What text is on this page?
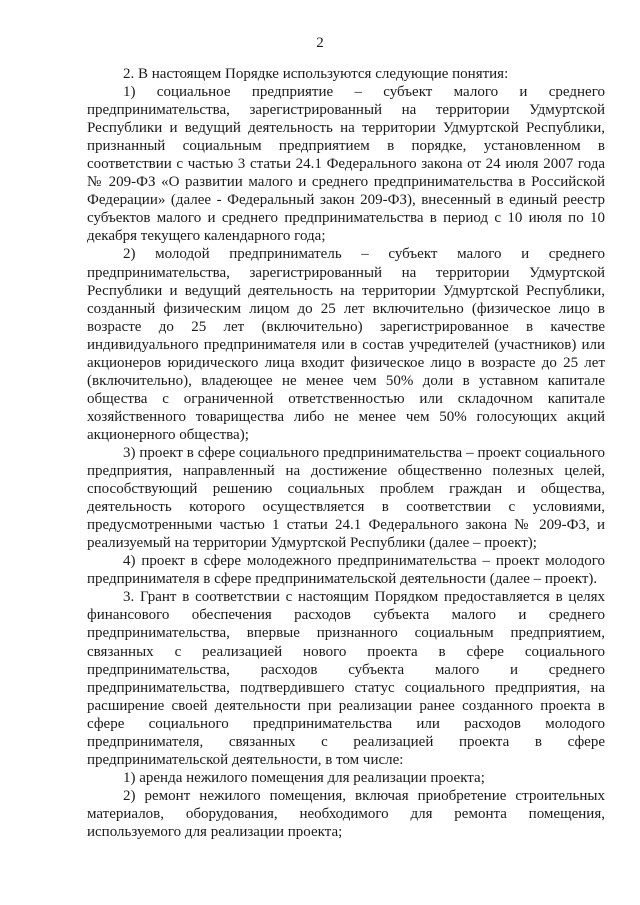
2

2. В настоящем Порядке используются следующие понятия:

1) социальное предприятие – субъект малого и среднего предпринимательства, зарегистрированный на территории Удмуртской Республики и ведущий деятельность на территории Удмуртской Республики, признанный социальным предприятием в порядке, установленном в соответствии с частью 3 статьи 24.1 Федерального закона от 24 июля 2007 года № 209-ФЗ «О развитии малого и среднего предпринимательства в Российской Федерации» (далее - Федеральный закон 209-ФЗ), внесенный в единый реестр субъектов малого и среднего предпринимательства в период с 10 июля по 10 декабря текущего календарного года;

2) молодой предприниматель – субъект малого и среднего предпринимательства, зарегистрированный на территории Удмуртской Республики и ведущий деятельность на территории Удмуртской Республики, созданный физическим лицом до 25 лет включительно (физическое лицо в возрасте до 25 лет (включительно) зарегистрированное в качестве индивидуального предпринимателя или в состав учредителей (участников) или акционеров юридического лица входит физическое лицо в возрасте до 25 лет (включительно), владеющее не менее чем 50% доли в уставном капитале общества с ограниченной ответственностью или складочном капитале хозяйственного товарищества либо не менее чем 50% голосующих акций акционерного общества);

3) проект в сфере социального предпринимательства – проект социального предприятия, направленный на достижение общественно полезных целей, способствующий решению социальных проблем граждан и общества, деятельность которого осуществляется в соответствии с условиями, предусмотренными частью 1 статьи 24.1 Федерального закона № 209-ФЗ, и реализуемый на территории Удмуртской Республики (далее – проект);

4) проект в сфере молодежного предпринимательства – проект молодого предпринимателя в сфере предпринимательской деятельности (далее – проект).

3. Грант в соответствии с настоящим Порядком предоставляется в целях финансового обеспечения расходов субъекта малого и среднего предпринимательства, впервые признанного социальным предприятием, связанных с реализацией нового проекта в сфере социального предпринимательства, расходов субъекта малого и среднего предпринимательства, подтвердившего статус социального предприятия, на расширение своей деятельности при реализации ранее созданного проекта в сфере социального предпринимательства или расходов молодого предпринимателя, связанных с реализацией проекта в сфере предпринимательской деятельности, в том числе:

1) аренда нежилого помещения для реализации проекта;

2) ремонт нежилого помещения, включая приобретение строительных материалов, оборудования, необходимого для ремонта помещения, используемого для реализации проекта;
